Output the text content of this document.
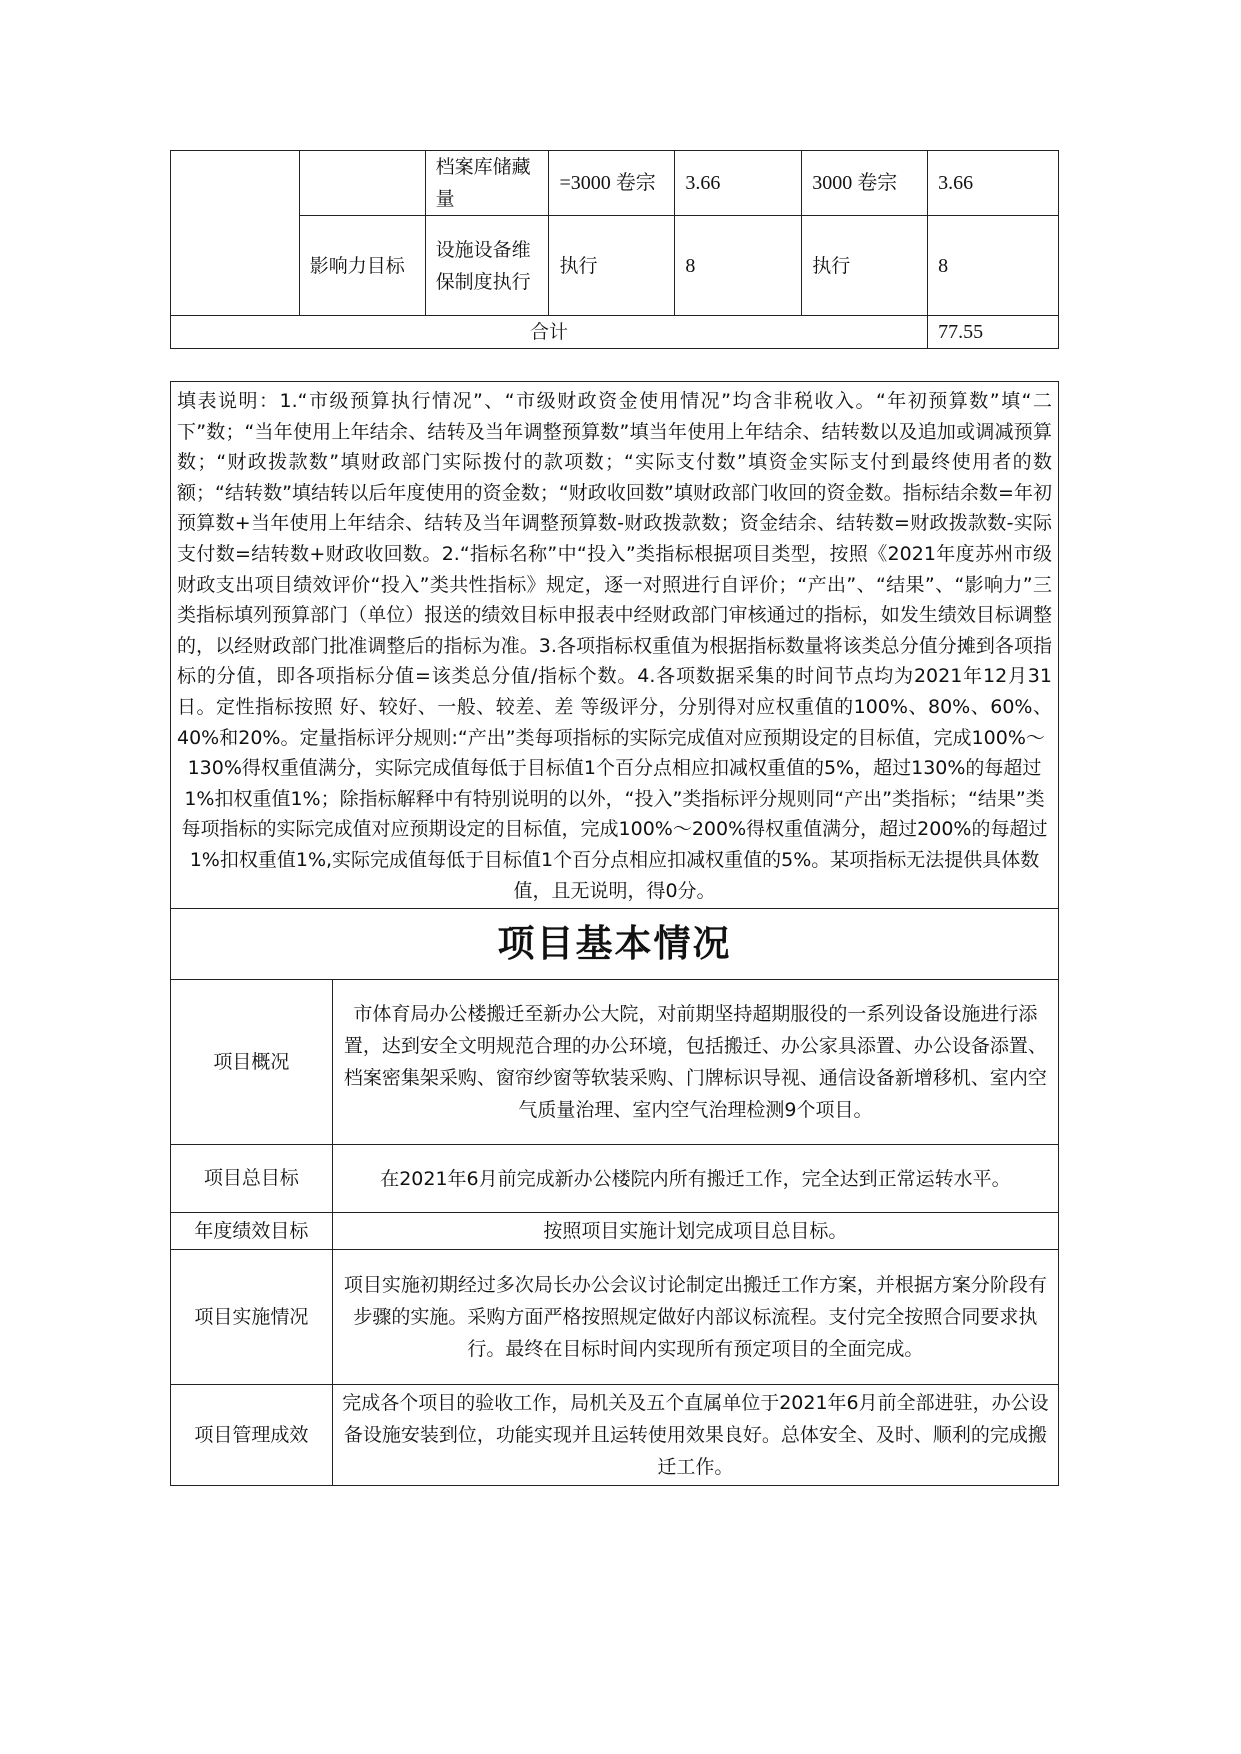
		档案库储藏量	=3000 卷宗	3.66	3000 卷宗	3.66
	影响力目标	设施设备维保制度执行	执行	8	执行	8
合计						77.55
填表说明：1.“市级预算执行情况”、“市级财政资金使用情况”均含非税收入。“年初预算数”填“二下”数；“当年使用上年结余、结转及当年调整预算数”填当年使用上年结余、结转数以及追加或调减预算数；“财政拨款数”填财政部门实际拨付的款项数；“实际支付数”填资金实际支付到最终使用者的数额；“结转数”填结转以后年度使用的资金数；“财政收回数”填财政部门收回的资金数。指标结余数=年初预算数+当年使用上年结余、结转及当年调整预算数-财政拨款数；资金结余、结转数=财政拨款数-实际支付数=结转数+财政收回数。2.“指标名称”中“投入”类指标根据项目类型，按照《2021年度苏州市级财政支出项目绩效评价“投入”类共性指标》规定，逐一对照进行自评价；“产出”、“结果”、“影响力”三类指标填列预算部门（单位）报送的绩效目标申报表中经财政部门审核通过的指标，如发生绩效目标调整的，以经财政部门批准调整后的指标为准。3.各项指标权重值为根据指标数量将该类总分值分摊到各项指标的分值，即各项指标分值=该类总分值/指标个数。4.各项数据采集的时间节点均为2021年12月31日。定性指标按照 好、较好、一般、较差、差 等级评分，分别得对应权重值的100%、80%、60%、40%和20%。定量指标评分规则:“产出”类每项指标的实际完成值对应预期设定的目标值，完成100%～
130%得权重值满分，实际完成值每低于目标值1个百分点相应扣减权重值的5%，超过130%的每超过1%扣权重值1%；除指标解释中有特别说明的以外，“投入”类指标评分规则同“产出”类指标；“结果”类每项指标的实际完成值对应预期设定的目标值，完成100%～200%得权重值满分，超过200%的每超过1%扣权重值1%,实际完成值每低于目标值1个百分点相应扣减权重值的5%。某项指标无法提供具体数值，且无说明，得0分。	

项目基本情况	
项目概况	市体育局办公楼搬迁至新办公大院，对前期坚持超期服役的一系列设备设施进行添置，达到安全文明规范合理的办公环境，包括搬迁、办公家具添置、办公设备添置、档案密集架采购、窗帘纱窗等软装采购、门牌标识导视、通信设备新增移机、室内空气质量治理、室内空气治理检测9个项目。
项目总目标	在2021年6月前完成新办公楼院内所有搬迁工作，完全达到正常运转水平。
年度绩效目标	按照项目实施计划完成项目总目标。
项目实施情况	项目实施初期经过多次局长办公会议讨论制定出搬迁工作方案，并根据方案分阶段有步骤的实施。采购方面严格按照规定做好内部议标流程。支付完全按照合同要求执行。最终在目标时间内实现所有预定项目的全面完成。
项目管理成效	完成各个项目的验收工作，局机关及五个直属单位于2021年6月前全部进驻，办公设备设施安装到位，功能实现并且运转使用效果良好。总体安全、及时、顺利的完成搬迁工作。
